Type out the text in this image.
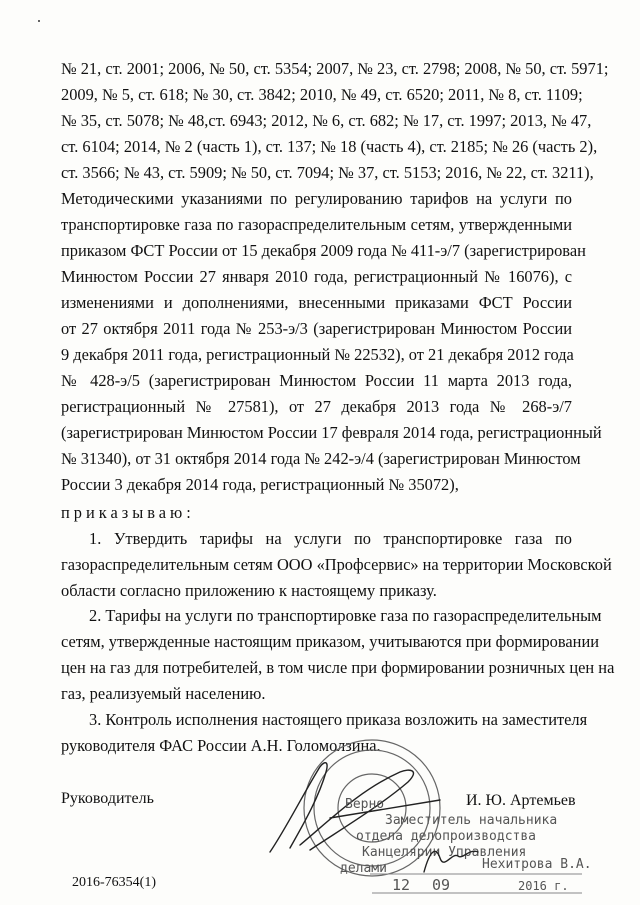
№ 21, ст. 2001; 2006, № 50, ст. 5354; 2007, № 23, ст. 2798; 2008, № 50, ст. 5971;
2009, № 5, ст. 618; № 30, ст. 3842; 2010, № 49, ст. 6520; 2011, № 8, ст. 1109;
№ 35, ст. 5078; № 48,ст. 6943; 2012, № 6, ст. 682; № 17, ст. 1997; 2013, № 47,
ст. 6104; 2014, № 2 (часть 1), ст. 137; № 18 (часть 4), ст. 2185; № 26 (часть 2),
ст. 3566; № 43, ст. 5909; № 50, ст. 7094; № 37, ст. 5153; 2016, № 22, ст. 3211),
Методическими указаниями по регулированию тарифов на услуги по
транспортировке газа по газораспределительным сетям, утвержденными
приказом ФСТ России от 15 декабря 2009 года № 411-э/7 (зарегистрирован
Минюстом России 27 января 2010 года, регистрационный № 16076), с
изменениями и дополнениями, внесенными приказами ФСТ России
от 27 октября 2011 года № 253-э/3 (зарегистрирован Минюстом России
9 декабря 2011 года, регистрационный № 22532), от 21 декабря 2012 года
№ 428-э/5 (зарегистрирован Минюстом России 11 марта 2013 года,
регистрационный № 27581), от 27 декабря 2013 года № 268-э/7
(зарегистрирован Минюстом России 17 февраля 2014 года, регистрационный
№ 31340), от 31 октября 2014 года № 242-э/4 (зарегистрирован Минюстом
России 3 декабря 2014 года, регистрационный № 35072),
приказываю:
1. Утвердить тарифы на услуги по транспортировке газа по
газораспределительным сетям ООО «Профсервис» на территории Московской
области согласно приложению к настоящему приказу.
2. Тарифы на услуги по транспортировке газа по газораспределительным
сетям, утвержденные настоящим приказом, учитываются при формировании
цен на газ для потребителей, в том числе при формировании розничных цен на
газ, реализуемый населению.
3. Контроль исполнения настоящего приказа возложить на заместителя
руководителя ФАС России А.Н. Голомолзина.
Руководитель	И. Ю. Артемьев
Верно
Заместитель начальника
отдела делопроизводства
Канцелярии Управления
делами	Нехитрова В.А.
12 09	2016 г.
2016-76354(1)
